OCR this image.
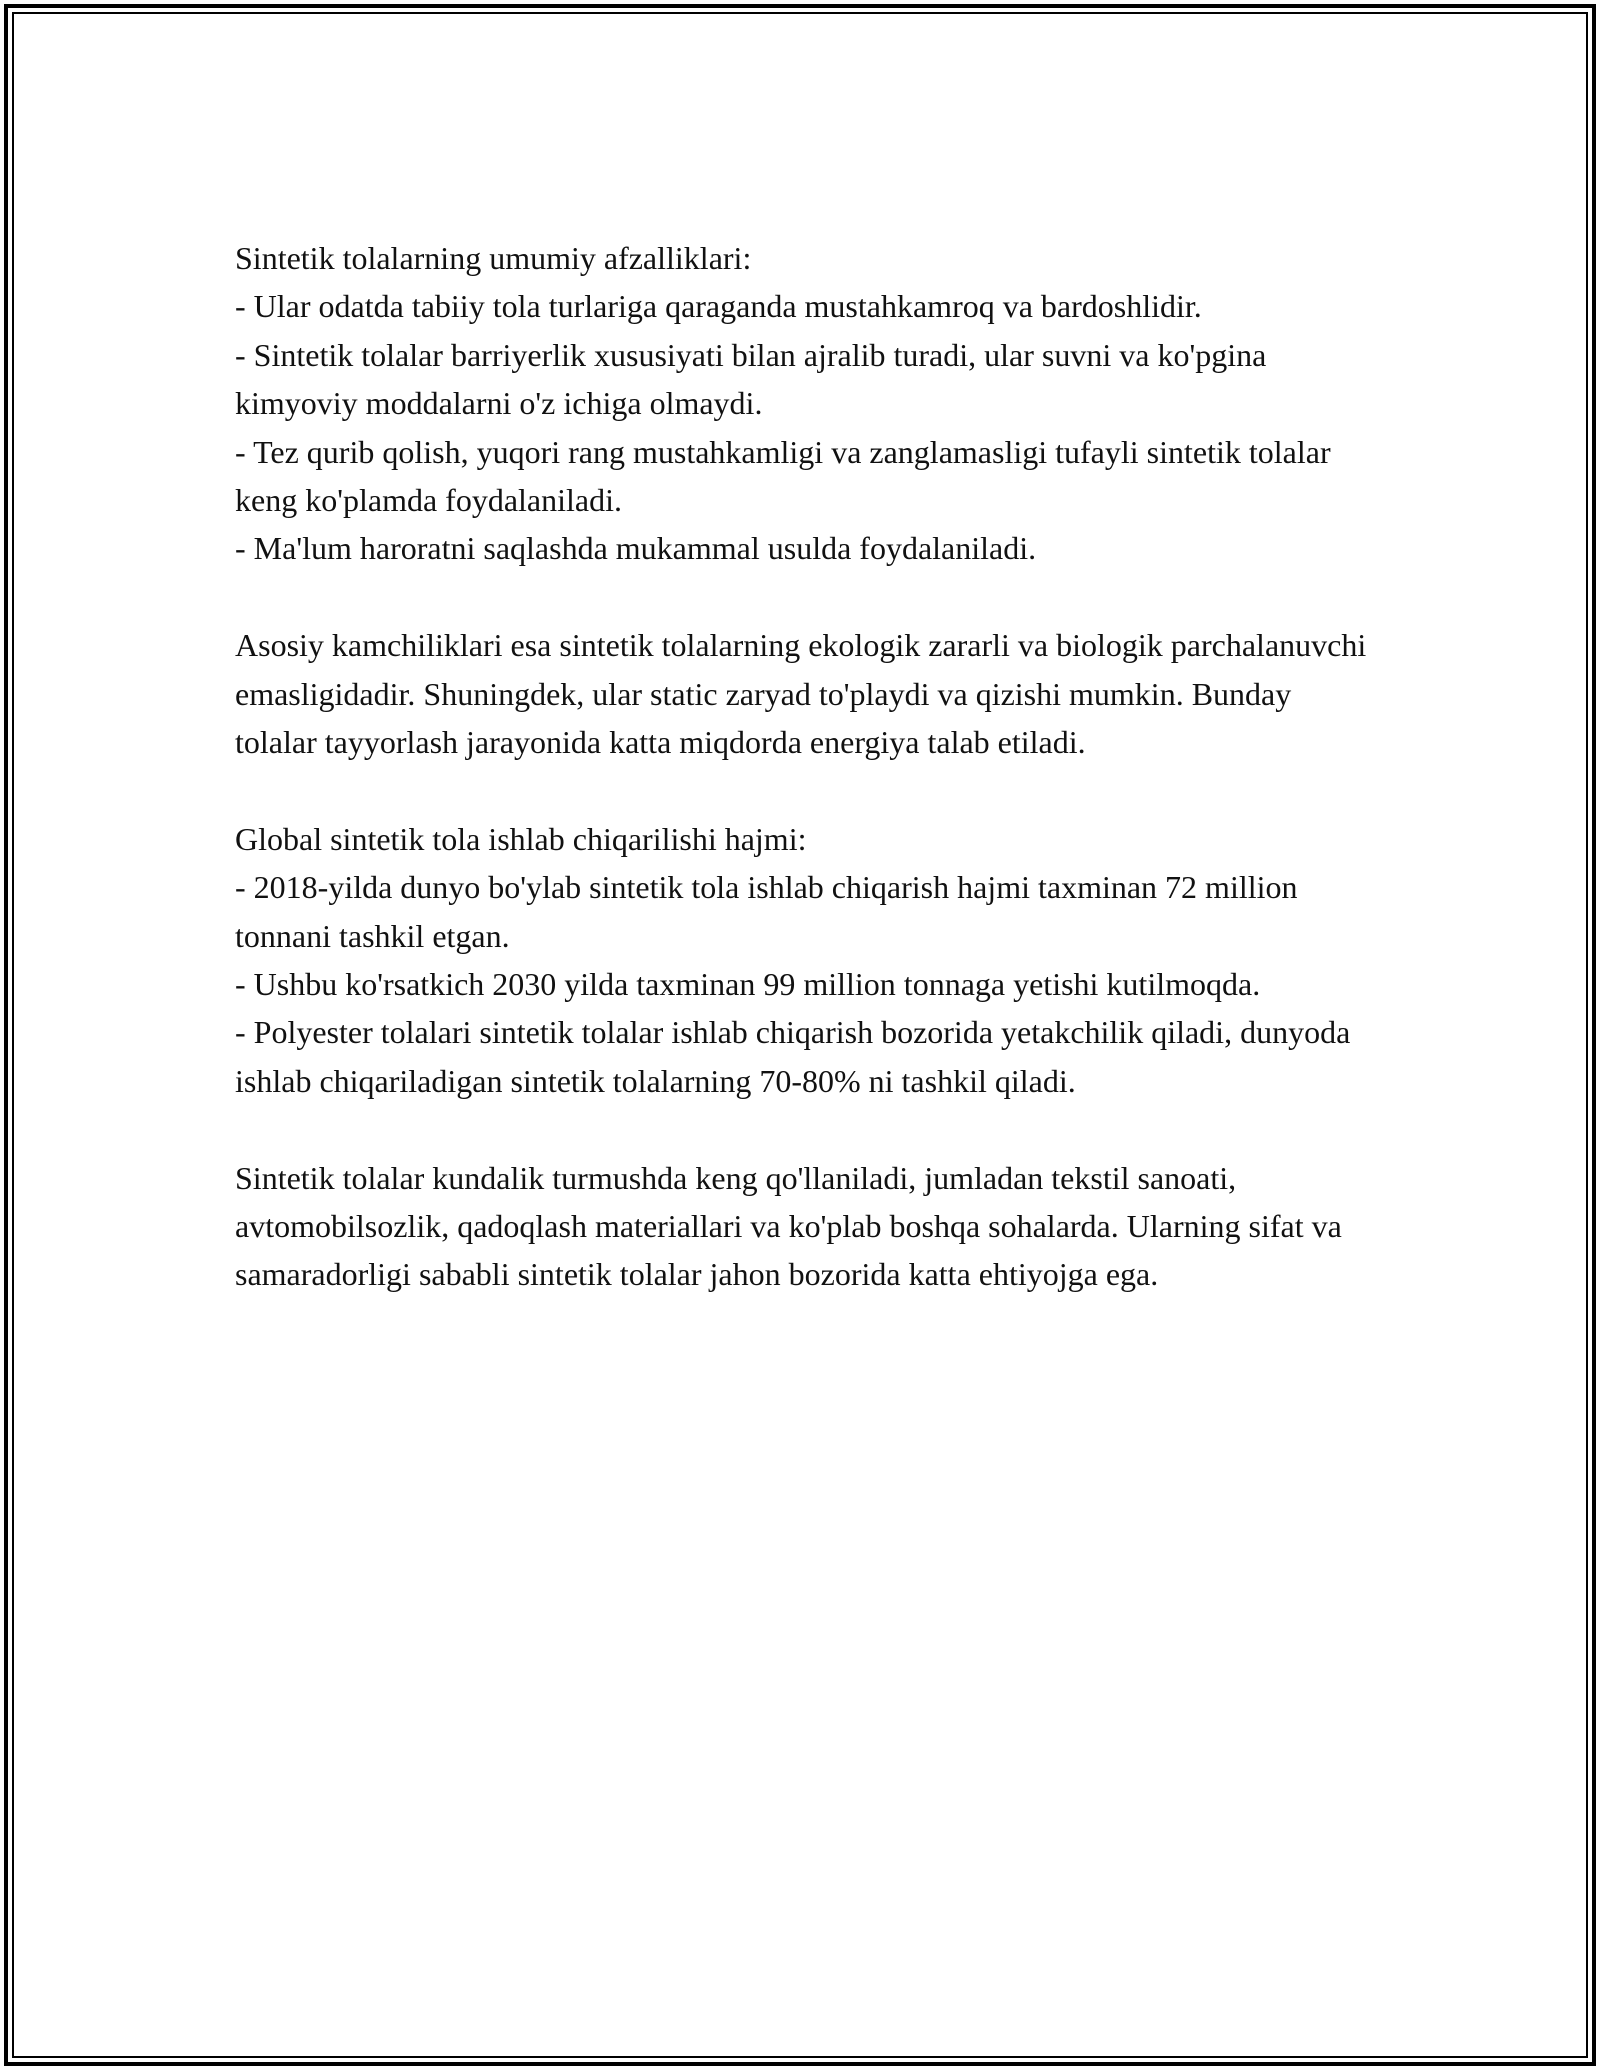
Sintetik tolalarning umumiy afzalliklari:

- Ular odatda tabiiy tola turlariga qaraganda mustahkamroq va bardoshlidir.

- Sintetik tolalar barriyerlik xususiyati bilan ajralib turadi, ular suvni va ko'pgina kimyoviy moddalarni o'z ichiga olmaydi.

- Tez qurib qolish, yuqori rang mustahkamligi va zanglamasligi tufayli sintetik tolalar keng ko'plamda foydalaniladi.

- Ma'lum haroratni saqlashda mukammal usulda foydalaniladi.

Asosiy kamchiliklari esa sintetik tolalarning ekologik zararli va biologik parchalanuvchi emasligidadir. Shuningdek, ular static zaryad to'playdi va qizishi mumkin. Bunday tolalar tayyorlash jarayonida katta miqdorda energiya talab etiladi.

Global sintetik tola ishlab chiqarilishi hajmi:

- 2018-yilda dunyo bo'ylab sintetik tola ishlab chiqarish hajmi taxminan 72 million tonnani tashkil etgan.

- Ushbu ko'rsatkich 2030 yilda taxminan 99 million tonnaga yetishi kutilmoqda.

- Polyester tolalari sintetik tolalar ishlab chiqarish bozorida yetakchilik qiladi, dunyoda ishlab chiqariladigan sintetik tolalarning 70-80% ni tashkil qiladi.

Sintetik tolalar kundalik turmushda keng qo'llaniladi, jumladan tekstil sanoati, avtomobilsozlik, qadoqlash materiallari va ko'plab boshqa sohalarda. Ularning sifat va samaradorligi sababli sintetik tolalar jahon bozorida katta ehtiyojga ega.
